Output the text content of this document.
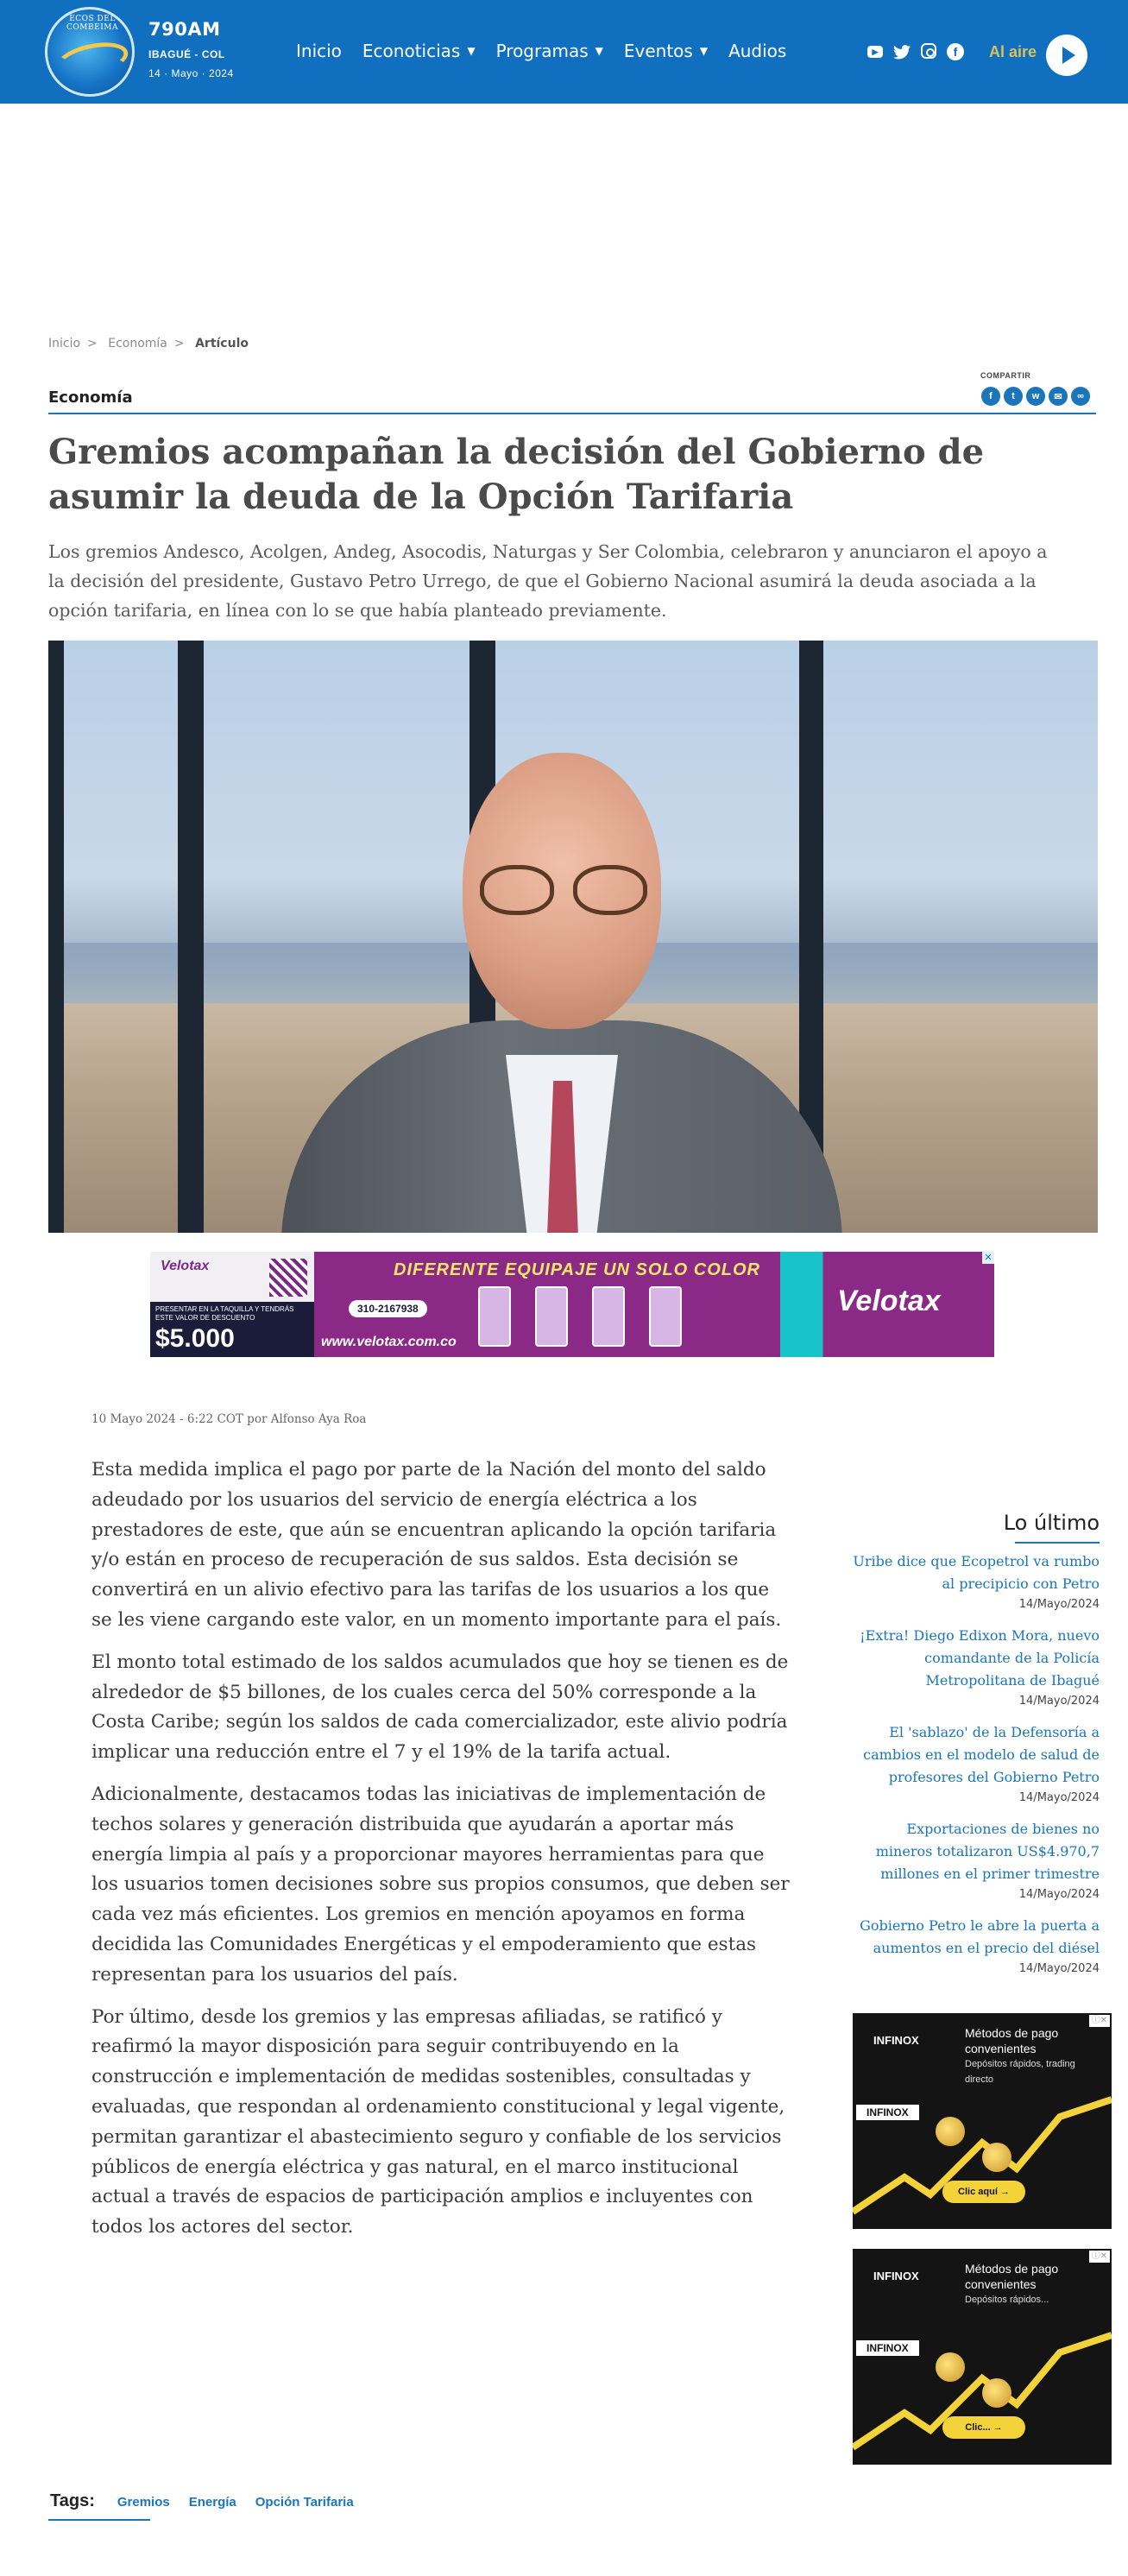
ECOS DEL COMBEIMA	790AM
IBAGUÉ - COL
14 · Mayo · 2024
Inicio Econoticias ▼ Programas ▼ Eventos ▼ Audios	▶	f	Al aire
Inicio > Economía > Artículo
Economía
COMPARTIR
f	t	w	✉	∞
Gremios acompañan la decisión del Gobierno de asumir la deuda de la Opción Tarifaria

Los gremios Andesco, Acolgen, Andeg, Asocodis, Naturgas y Ser Colombia, celebraron y anunciaron el apoyo a la decisión del presidente, Gustavo Petro Urrego, de que el Gobierno Nacional asumirá la deuda asociada a la opción tarifaria, en línea con lo se que había planteado previamente.

Velotax
PRESENTAR EN LA TAQUILLA Y TENDRÁS ESTE VALOR DE DESCUENTO
$5.000
DIFERENTE EQUIPAJE UN SOLO COLOR
310-2167938
www.velotax.com.co
Velotax
✕
10 Mayo 2024 - 6:22 COT por Alfonso Aya Roa

Esta medida implica el pago por parte de la Nación del monto del saldo adeudado por los usuarios del servicio de energía eléctrica a los prestadores de este, que aún se encuentran aplicando la opción tarifaria y/o están en proceso de recuperación de sus saldos. Esta decisión se convertirá en un alivio efectivo para las tarifas de los usuarios a los que se les viene cargando este valor, en un momento importante para el país.

El monto total estimado de los saldos acumulados que hoy se tienen es de alrededor de $5 billones, de los cuales cerca del 50% corresponde a la Costa Caribe; según los saldos de cada comercializador, este alivio podría implicar una reducción entre el 7 y el 19% de la tarifa actual.

Adicionalmente, destacamos todas las iniciativas de implementación de techos solares y generación distribuida que ayudarán a aportar más energía limpia al país y a proporcionar mayores herramientas para que los usuarios tomen decisiones sobre sus propios consumos, que deben ser cada vez más eficientes. Los gremios en mención apoyamos en forma decidida las Comunidades Energéticas y el empoderamiento que estas representan para los usuarios del país.

Por último, desde los gremios y las empresas afiliadas, se ratificó y reafirmó la mayor disposición para seguir contribuyendo en la construcción e implementación de medidas sostenibles, consultadas y evaluadas, que respondan al ordenamiento constitucional y legal vigente, permitan garantizar el abastecimiento seguro y confiable de los servicios públicos de energía eléctrica y gas natural, en el marco institucional actual a través de espacios de participación amplios e incluyentes con todos los actores del sector.

Lo último
Uribe dice que Ecopetrol va rumbo al precipicio con Petro
14/Mayo/2024
¡Extra! Diego Edixon Mora, nuevo comandante de la Policía Metropolitana de Ibagué
14/Mayo/2024
El 'sablazo' de la Defensoría a cambios en el modelo de salud de profesores del Gobierno Petro
14/Mayo/2024
Exportaciones de bienes no mineros totalizaron US$4.970,7 millones en el primer trimestre
14/Mayo/2024
Gobierno Petro le abre la puerta a aumentos en el precio del diésel
14/Mayo/2024
INFINOX
Métodos de pago convenientes
Depósitos rápidos, trading directo
INFINOX
Clic aquí →
ⓘ✕
INFINOX
Métodos de pago convenientes
Depósitos rápidos...
INFINOX
Clic... →
ⓘ✕
Tags: Gremios Energía Opción Tarifaria
